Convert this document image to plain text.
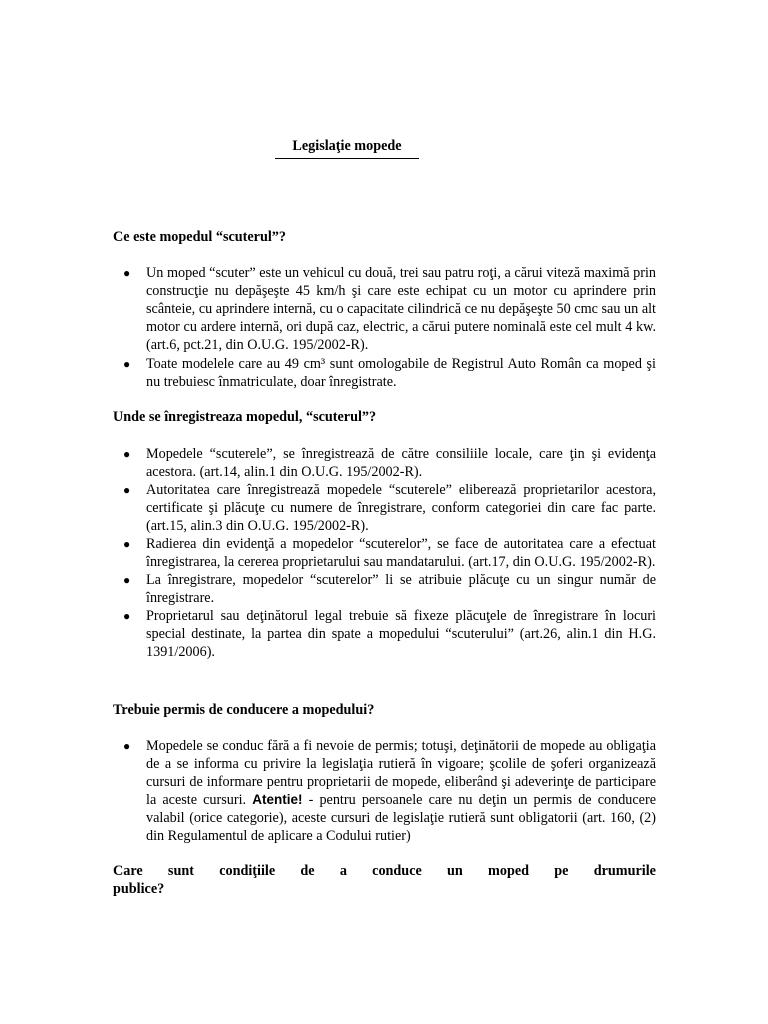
Legislaţie mopede
Ce este mopedul “scuterul”?
● Un moped “scuter” este un vehicul cu două, trei sau patru roţi, a cărui viteză maximă prin construcţie nu depăşeşte 45 km/h şi care este echipat cu un motor cu aprindere prin scânteie, cu aprindere internă, cu o capacitate cilindrică ce nu depăşeşte 50 cmc sau un alt motor cu ardere internă, ori după caz, electric, a cărui putere nominală este cel mult 4 kw. (art.6, pct.21, din O.U.G. 195/2002-R).
● Toate modelele care au 49 cm³ sunt omologabile de Registrul Auto Român ca moped şi nu trebuiesc înmatriculate, doar înregistrate.
Unde se înregistreaza mopedul, “scuterul”?
● Mopedele “scuterele”, se înregistrează de către consiliile locale, care ţin şi evidenţa acestora. (art.14, alin.1 din O.U.G. 195/2002-R).
● Autoritatea care înregistrează mopedele “scuterele” eliberează proprietarilor acestora, certificate şi plăcuţe cu numere de înregistrare, conform categoriei din care fac parte. (art.15, alin.3 din O.U.G. 195/2002-R).
● Radierea din evidenţă a mopedelor “scuterelor”, se face de autoritatea care a efectuat înregistrarea, la cererea proprietarului sau mandatarului. (art.17, din O.U.G. 195/2002-R).
● La înregistrare, mopedelor “scuterelor” li se atribuie plăcuţe cu un singur număr de înregistrare.
● Proprietarul sau deţinătorul legal trebuie să fixeze plăcuţele de înregistrare în locuri special destinate, la partea din spate a mopedului “scuterului” (art.26, alin.1 din H.G. 1391/2006).
Trebuie permis de conducere a mopedului?
● Mopedele se conduc fără a fi nevoie de permis; totuşi, deţinătorii de mopede au obligaţia de a se informa cu privire la legislaţia rutieră în vigoare; şcolile de şoferi organizează cursuri de informare pentru proprietarii de mopede, eliberând şi adeverinţe de participare la aceste cursuri. Atentie! - pentru persoanele care nu deţin un permis de conducere valabil (orice categorie), aceste cursuri de legislaţie rutieră sunt obligatorii (art. 160, (2) din Regulamentul de aplicare a Codului rutier)
Care sunt condiţiile de a conduce un moped pe drumurile
publice?
